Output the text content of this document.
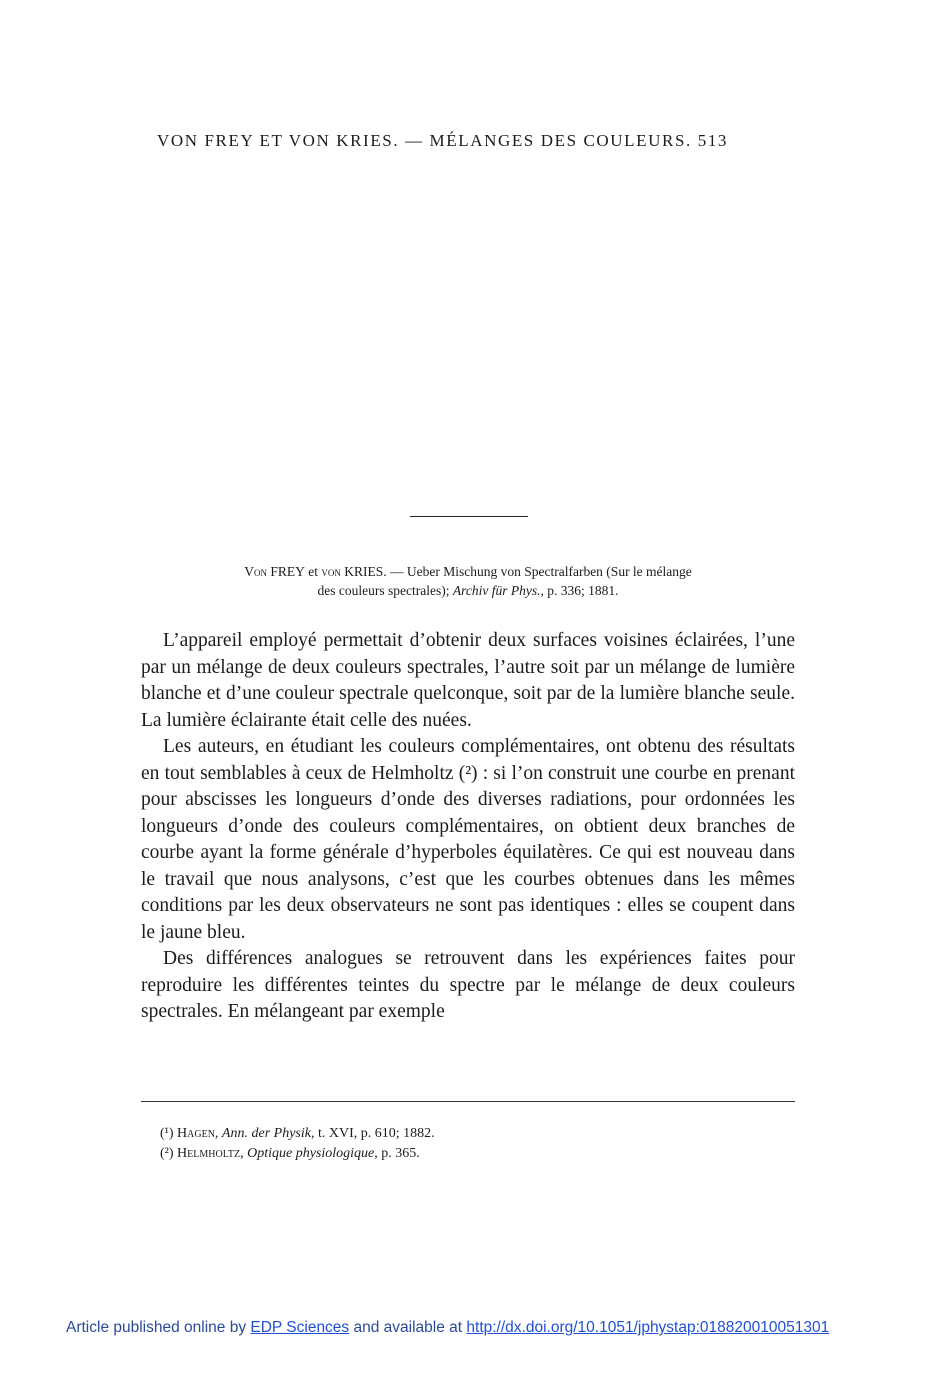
VON FREY ET VON KRIES. — MÉLANGES DES COULEURS. 513
Von FREY et von KRIES. — Ueber Mischung von Spectralfarben (Sur le mélange
des couleurs spectrales); Archiv für Phys., p. 336; 1881.

L’appareil employé permettait d’obtenir deux surfaces voisines éclairées, l’une par un mélange de deux couleurs spectrales, l’autre soit par un mélange de lumière blanche et d’une couleur spectrale quelconque, soit par de la lumière blanche seule. La lumière éclairante était celle des nuées.

Les auteurs, en étudiant les couleurs complémentaires, ont obtenu des résultats en tout semblables à ceux de Helmholtz (²) : si l’on construit une courbe en prenant pour abscisses les longueurs d’onde des diverses radiations, pour ordonnées les longueurs d’onde des couleurs complémentaires, on obtient deux branches de courbe ayant la forme générale d’hyperboles équilatères. Ce qui est nouveau dans le travail que nous analysons, c’est que les courbes obtenues dans les mêmes conditions par les deux observateurs ne sont pas identiques : elles se coupent dans le jaune bleu.

Des différences analogues se retrouvent dans les expériences faites pour reproduire les différentes teintes du spectre par le mélange de deux couleurs spectrales. En mélangeant par exemple

(¹) Hagen, Ann. der Physik, t. XVI, p. 610; 1882.
(²) Helmholtz, Optique physiologique, p. 365.
Article published online by EDP Sciences and available at http://dx.doi.org/10.1051/jphystap:018820010051301
